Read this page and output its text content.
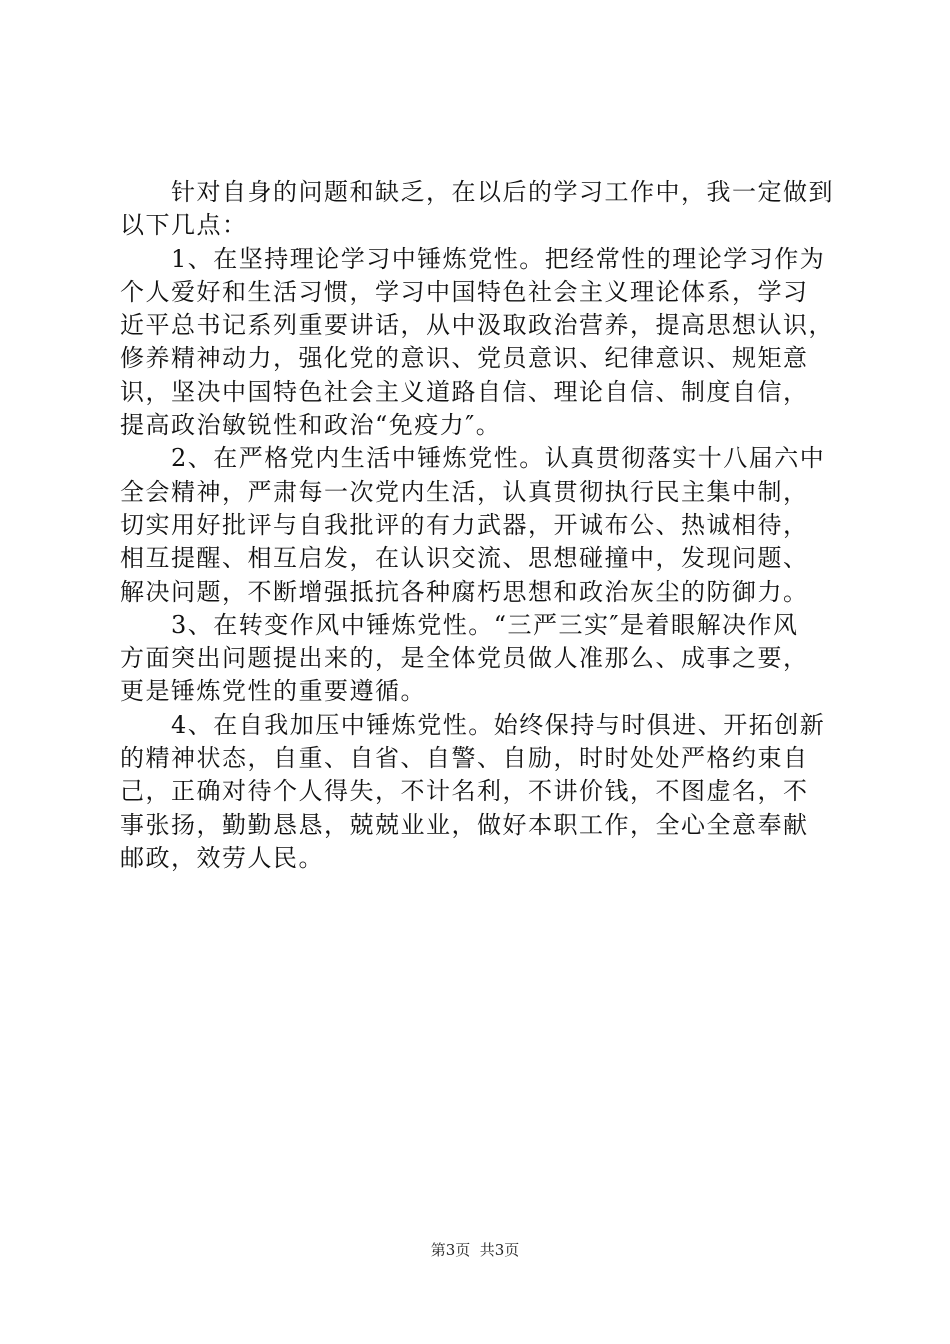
　　针对自身的问题和缺乏，在以后的学习工作中，我一定做到
以下几点：
　　1、在坚持理论学习中锤炼党性。把经常性的理论学习作为
个人爱好和生活习惯，学习中国特色社会主义理论体系，学习
近平总书记系列重要讲话，从中汲取政治营养，提高思想认识，
修养精神动力，强化党的意识、党员意识、纪律意识、规矩意
识，坚决中国特色社会主义道路自信、理论自信、制度自信，
提高政治敏锐性和政治“免疫力″。
　　2、在严格党内生活中锤炼党性。认真贯彻落实十八届六中
全会精神，严肃每一次党内生活，认真贯彻执行民主集中制，
切实用好批评与自我批评的有力武器，开诚布公、热诚相待，
相互提醒、相互启发，在认识交流、思想碰撞中，发现问题、
解决问题，不断增强抵抗各种腐朽思想和政治灰尘的防御力。
　　3、在转变作风中锤炼党性。“三严三实″是着眼解决作风
方面突出问题提出来的，是全体党员做人准那么、成事之要，
更是锤炼党性的重要遵循。
　　4、在自我加压中锤炼党性。始终保持与时俱进、开拓创新
的精神状态，自重、自省、自警、自励，时时处处严格约束自
己，正确对待个人得失，不计名利，不讲价钱，不图虚名，不
事张扬，勤勤恳恳，兢兢业业，做好本职工作，全心全意奉献
邮政，效劳人民。
第3页  共3页
